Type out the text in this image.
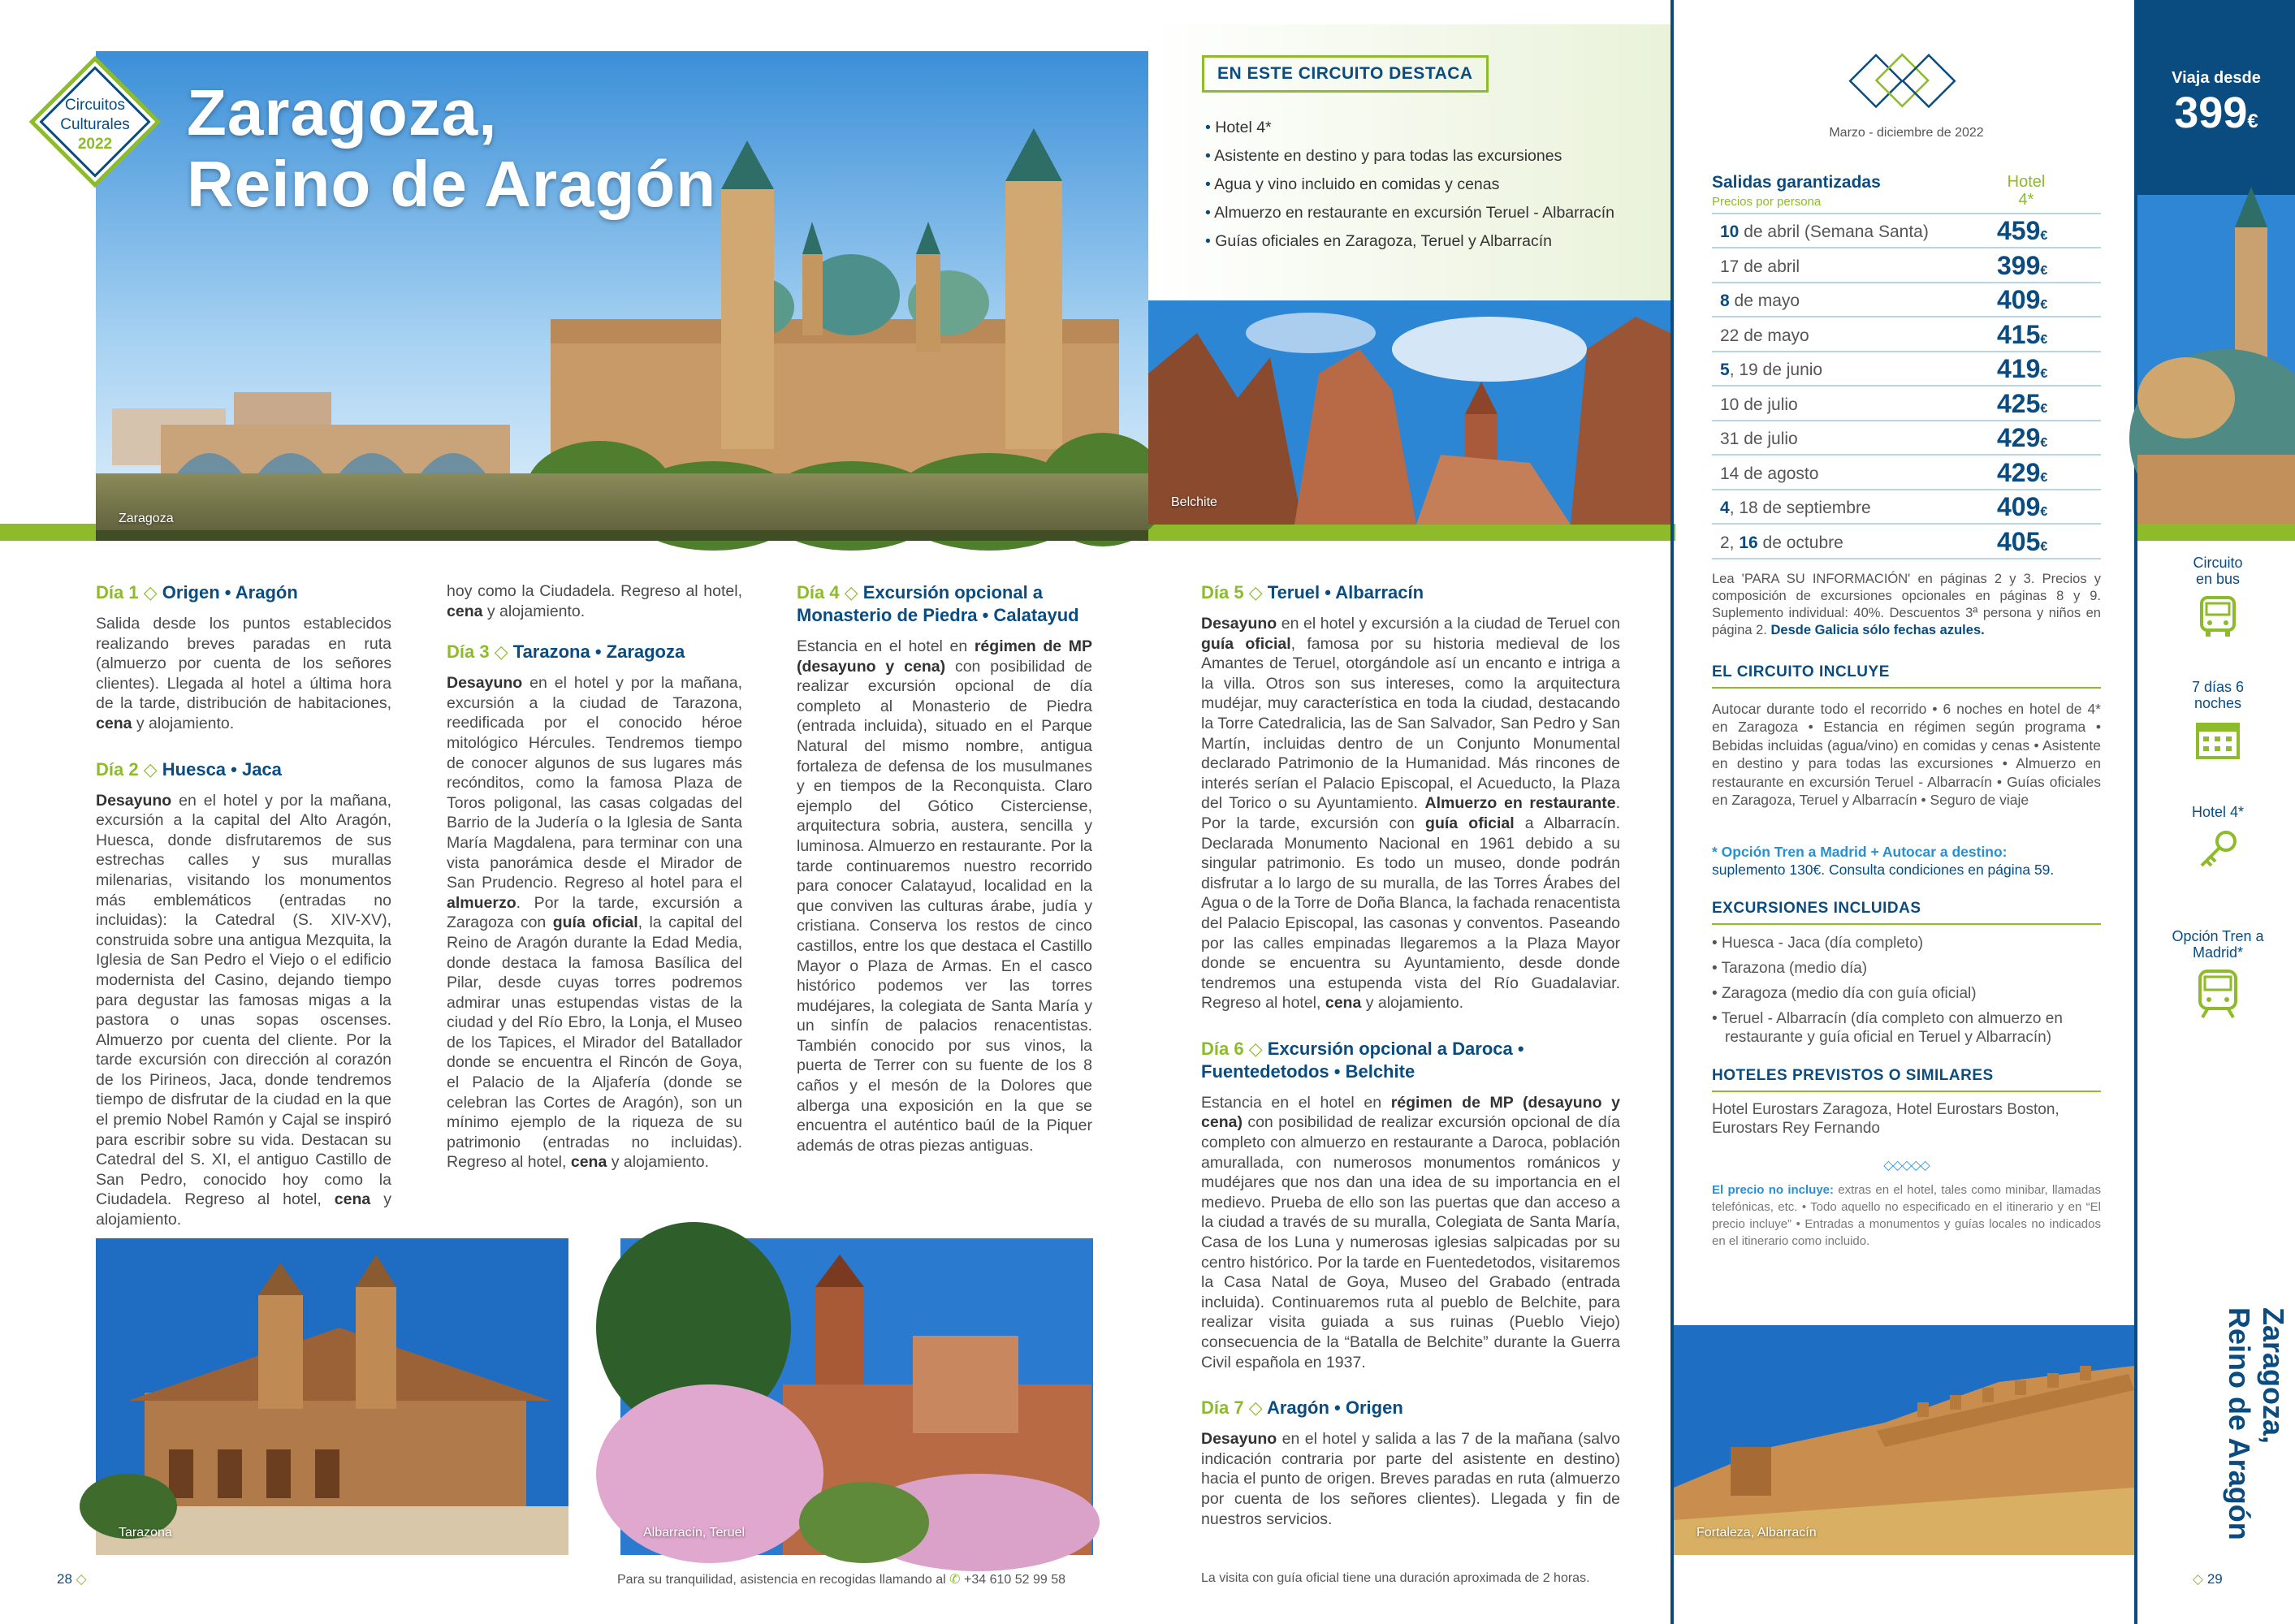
Zaragoza
Circuitos
Culturales
2022	Zaragoza,
Reino de Aragón
EN ESTE CIRCUITO DESTACA
• Hotel 4*
• Asistente en destino y para todas las excursiones
• Agua y vino incluido en comidas y cenas
• Almuerzo en restaurante en excursión Teruel - Albarracín
• Guías oficiales en Zaragoza, Teruel y Albarracín
Belchite
Día 1 ◇ Origen • Aragón

Salida desde los puntos establecidos realizando breves paradas en ruta (almuerzo por cuenta de los señores clientes). Llegada al hotel a última hora de la tarde, distribución de habitaciones, cena y alojamiento.

Día 2 ◇ Huesca • Jaca

Desayuno en el hotel y por la mañana, excursión a la capital del Alto Aragón, Huesca, donde disfrutaremos de sus estrechas calles y sus murallas milenarias, visitando los monumentos más emblemáticos (entradas no incluidas): la Catedral (S. XIV-XV), construida sobre una antigua Mezquita, la Iglesia de San Pedro el Viejo o el edificio modernista del Casino, dejando tiempo para degustar las famosas migas a la pastora o unas sopas oscenses. Almuerzo por cuenta del cliente. Por la tarde excursión con dirección al corazón de los Pirineos, Jaca, donde tendremos tiempo de disfrutar de la ciudad en la que el premio Nobel Ramón y Cajal se inspiró para escribir sobre su vida. Destacan su Catedral del S. XI, el antiguo Castillo de San Pedro, conocido hoy como la Ciudadela. Regreso al hotel, cena y alojamiento.

hoy como la Ciudadela. Regreso al hotel, cena y alojamiento.

Día 3 ◇ Tarazona • Zaragoza

Desayuno en el hotel y por la mañana, excursión a la ciudad de Tarazona, reedificada por el conocido héroe mitológico Hércules. Tendremos tiempo de conocer algunos de sus lugares más recónditos, como la famosa Plaza de Toros poligonal, las casas colgadas del Barrio de la Judería o la Iglesia de Santa María Magdalena, para terminar con una vista panorámica desde el Mirador de San Prudencio. Regreso al hotel para el almuerzo. Por la tarde, excursión a Zaragoza con guía oficial, la capital del Reino de Aragón durante la Edad Media, donde destaca la famosa Basílica del Pilar, desde cuyas torres podremos admirar unas estupendas vistas de la ciudad y del Río Ebro, la Lonja, el Museo de los Tapices, el Mirador del Batallador donde se encuentra el Rincón de Goya, el Palacio de la Aljafería (donde se celebran las Cortes de Aragón), son un mínimo ejemplo de la riqueza de su patrimonio (entradas no incluidas). Regreso al hotel, cena y alojamiento.

Día 4 ◇ Excursión opcional a Monasterio de Piedra • Calatayud

Estancia en el hotel en régimen de MP (desayuno y cena) con posibilidad de realizar excursión opcional de día completo al Monasterio de Piedra (entrada incluida), situado en el Parque Natural del mismo nombre, antigua fortaleza de defensa de los musulmanes y en tiempos de la Reconquista. Claro ejemplo del Gótico Cisterciense, arquitectura sobria, austera, sencilla y luminosa. Almuerzo en restaurante. Por la tarde continuaremos nuestro recorrido para conocer Calatayud, localidad en la que conviven las culturas árabe, judía y cristiana. Conserva los restos de cinco castillos, entre los que destaca el Castillo Mayor o Plaza de Armas. En el casco histórico podemos ver las torres mudéjares, la colegiata de Santa María y un sinfín de palacios renacentistas. También conocido por sus vinos, la puerta de Terrer con su fuente de los 8 caños y el mesón de la Dolores que alberga una exposición en la que se encuentra el auténtico baúl de la Piquer además de otras piezas antiguas.

Día 5 ◇ Teruel • Albarracín

Desayuno en el hotel y excursión a la ciudad de Teruel con guía oficial, famosa por su historia medieval de los Amantes de Teruel, otorgándole así un encanto e intriga a la villa. Otros son sus intereses, como la arquitectura mudéjar, muy característica en toda la ciudad, destacando la Torre Catedralicia, las de San Salvador, San Pedro y San Martín, incluidas dentro de un Conjunto Monumental declarado Patrimonio de la Humanidad. Más rincones de interés serían el Palacio Episcopal, el Acueducto, la Plaza del Torico o su Ayuntamiento. Almuerzo en restaurante. Por la tarde, excursión con guía oficial a Albarracín. Declarada Monumento Nacional en 1961 debido a su singular patrimonio. Es todo un museo, donde podrán disfrutar a lo largo de su muralla, de las Torres Árabes del Agua o de la Torre de Doña Blanca, la fachada renacentista del Palacio Episcopal, las casonas y conventos. Paseando por las calles empinadas llegaremos a la Plaza Mayor donde se encuentra su Ayuntamiento, desde donde tendremos una estupenda vista del Río Guadalaviar. Regreso al hotel, cena y alojamiento.

Día 6 ◇ Excursión opcional a Daroca • Fuentedetodos • Belchite

Estancia en el hotel en régimen de MP (desayuno y cena) con posibilidad de realizar excursión opcional de día completo con almuerzo en restaurante a Daroca, población amurallada, con numerosos monumentos románicos y mudéjares que nos dan una idea de su importancia en el medievo. Prueba de ello son las puertas que dan acceso a la ciudad a través de su muralla, Colegiata de Santa María, Casa de los Luna y numerosas iglesias salpicadas por su centro histórico. Por la tarde en Fuentedetodos, visitaremos la Casa Natal de Goya, Museo del Grabado (entrada incluida). Continuaremos ruta al pueblo de Belchite, para realizar visita guiada a sus ruinas (Pueblo Viejo) consecuencia de la “Batalla de Belchite” durante la Guerra Civil española en 1937.

Día 7 ◇ Aragón • Origen

Desayuno en el hotel y salida a las 7 de la mañana (salvo indicación contraria por parte del asistente en destino) hacia el punto de origen. Breves paradas en ruta (almuerzo por cuenta de los señores clientes). Llegada y fin de nuestros servicios.

Tarazona	Albarracín, Teruel
28 ◇	Para su tranquilidad, asistencia en recogidas llamando al ✆ +34 610 52 99 58	La visita con guía oficial tiene una duración aproximada de 2 horas.
Marzo - diciembre de 2022
Salidas garantizadas
Precios por persona
Hotel
4*
10 de abril (Semana Santa)	459€
17 de abril	399€
8 de mayo	409€
22 de mayo	415€
5, 19 de junio	419€
10 de julio	425€
31 de julio	429€
14 de agosto	429€
4, 18 de septiembre	409€
2, 16 de octubre	405€
Lea 'PARA SU INFORMACIÓN' en páginas 2 y 3. Precios y composición de excursiones opcionales en páginas 8 y 9. Suplemento individual: 40%. Descuentos 3ª persona y niños en página 2. Desde Galicia sólo fechas azules.
EL CIRCUITO INCLUYE
Autocar durante todo el recorrido • 6 noches en hotel de 4* en Zaragoza • Estancia en régimen según programa • Bebidas incluidas (agua/vino) en comidas y cenas • Asistente en destino y para todas las excursiones • Almuerzo en restaurante en excursión Teruel - Albarracín • Guías oficiales en Zaragoza, Teruel y Albarracín • Seguro de viaje
* Opción Tren a Madrid + Autocar a destino:
suplemento 130€. Consulta condiciones en página 59.
EXCURSIONES INCLUIDAS
• Huesca - Jaca (día completo)
• Tarazona (medio día)
• Zaragoza (medio día con guía oficial)
• Teruel - Albarracín (día completo con almuerzo en restaurante y guía oficial en Teruel y Albarracín)
HOTELES PREVISTOS O SIMILARES
Hotel Eurostars Zaragoza, Hotel Eurostars Boston, Eurostars Rey Fernando
◇◇◇◇◇
El precio no incluye: extras en el hotel, tales como minibar, llamadas telefónicas, etc. • Todo aquello no especificado en el itinerario y en “El precio incluye” • Entradas a monumentos y guías locales no indicados en el itinerario como incluido.
Fortaleza, Albarracín
Viaja desde
399€
Circuito en bus
7 días 6 noches
Hotel 4*
Opción Tren a Madrid*
Zaragoza,
Reino de Aragón
◇ 29
